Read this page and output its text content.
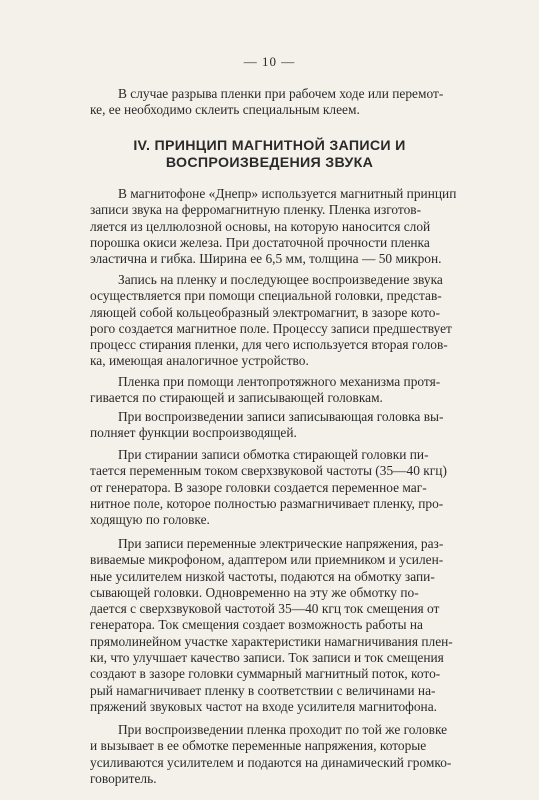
— 10 —

В случае разрыва пленки при рабочем ходе или перемот-
ке, ее необходимо склеить специальным клеем.

IV. ПРИНЦИП МАГНИТНОЙ ЗАПИСИ И
ВОСПРОИЗВЕДЕНИЯ ЗВУКА

В магнитофоне «Днепр» используется магнитный принцип
записи звука на ферромагнитную пленку. Пленка изготов-
ляется из целлюлозной основы, на которую наносится слой
порошка окиси железа. При достаточной прочности пленка
эластична и гибка. Ширина ее 6,5 мм, толщина — 50 микрон.

Запись на пленку и последующее воспроизведение звука
осуществляется при помощи специальной головки, представ-
ляющей собой кольцеобразный электромагнит, в зазоре кото-
рого создается магнитное поле. Процессу записи предшествует
процесс стирания пленки, для чего используется вторая голов-
ка, имеющая аналогичное устройство.

Пленка при помощи лентопротяжного механизма протя-
гивается по стирающей и записывающей головкам.

При воспроизведении записи записывающая головка вы-
полняет функции воспроизводящей.

При стирании записи обмотка стирающей головки пи-
тается переменным током сверхзвуковой частоты (35—40 кгц)
от генератора. В зазоре головки создается переменное маг-
нитное поле, которое полностью размагничивает пленку, про-
ходящую по головке.

При записи переменные электрические напряжения, раз-
виваемые микрофоном, адаптером или приемником и усилен-
ные усилителем низкой частоты, подаются на обмотку запи-
сывающей головки. Одновременно на эту же обмотку по-
дается с сверхзвуковой частотой 35—40 кгц ток смещения от
генератора. Ток смещения создает возможность работы на
прямолинейном участке характеристики намагничивания плен-
ки, что улучшает качество записи. Ток записи и ток смещения
создают в зазоре головки суммарный магнитный поток, кото-
рый намагничивает пленку в соответствии с величинами на-
пряжений звуковых частот на входе усилителя магнитофона.

При воспроизведении пленка проходит по той же головке
и вызывает в ее обмотке переменные напряжения, которые
усиливаются усилителем и подаются на динамический громко-
говоритель.
